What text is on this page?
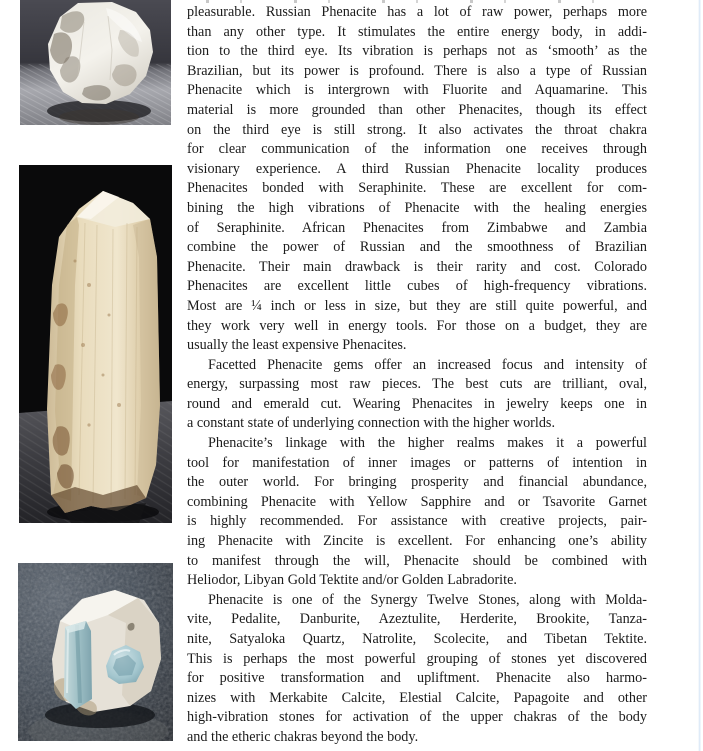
pleasurable. Russian Phenacite has a lot of raw power, perhaps more
than any other type. It stimulates the entire energy body, in addi-
tion to the third eye. Its vibration is perhaps not as ‘smooth’ as the
Brazilian, but its power is profound. There is also a type of Russian
Phenacite which is intergrown with Fluorite and Aquamarine. This
material is more grounded than other Phenacites, though its effect
on the third eye is still strong. It also activates the throat chakra
for clear communication of the information one receives through
visionary experience. A third Russian Phenacite locality produces
Phenacites bonded with Seraphinite. These are excellent for com-
bining the high vibrations of Phenacite with the healing energies
of Seraphinite. African Phenacites from Zimbabwe and Zambia
combine the power of Russian and the smoothness of Brazilian
Phenacite. Their main drawback is their rarity and cost. Colorado
Phenacites are excellent little cubes of high-frequency vibrations.
Most are ¼ inch or less in size, but they are still quite powerful, and
they work very well in energy tools. For those on a budget, they are
usually the least expensive Phenacites.
Facetted Phenacite gems offer an increased focus and intensity of
energy, surpassing most raw pieces. The best cuts are trilliant, oval,
round and emerald cut. Wearing Phenacites in jewelry keeps one in
a constant state of underlying connection with the higher worlds.
Phenacite’s linkage with the higher realms makes it a powerful
tool for manifestation of inner images or patterns of intention in
the outer world. For bringing prosperity and financial abundance,
combining Phenacite with Yellow Sapphire and or Tsavorite Garnet
is highly recommended. For assistance with creative projects, pair-
ing Phenacite with Zincite is excellent. For enhancing one’s ability
to manifest through the will, Phenacite should be combined with
Heliodor, Libyan Gold Tektite and/or Golden Labradorite.
Phenacite is one of the Synergy Twelve Stones, along with Molda-
vite, Pedalite, Danburite, Azeztulite, Herderite, Brookite, Tanza-
nite, Satyaloka Quartz, Natrolite, Scolecite, and Tibetan Tektite.
This is perhaps the most powerful grouping of stones yet discovered
for positive transformation and upliftment. Phenacite also harmo-
nizes with Merkabite Calcite, Elestial Calcite, Papagoite and other
high-vibration stones for activation of the upper chakras of the body
and the etheric chakras beyond the body.
